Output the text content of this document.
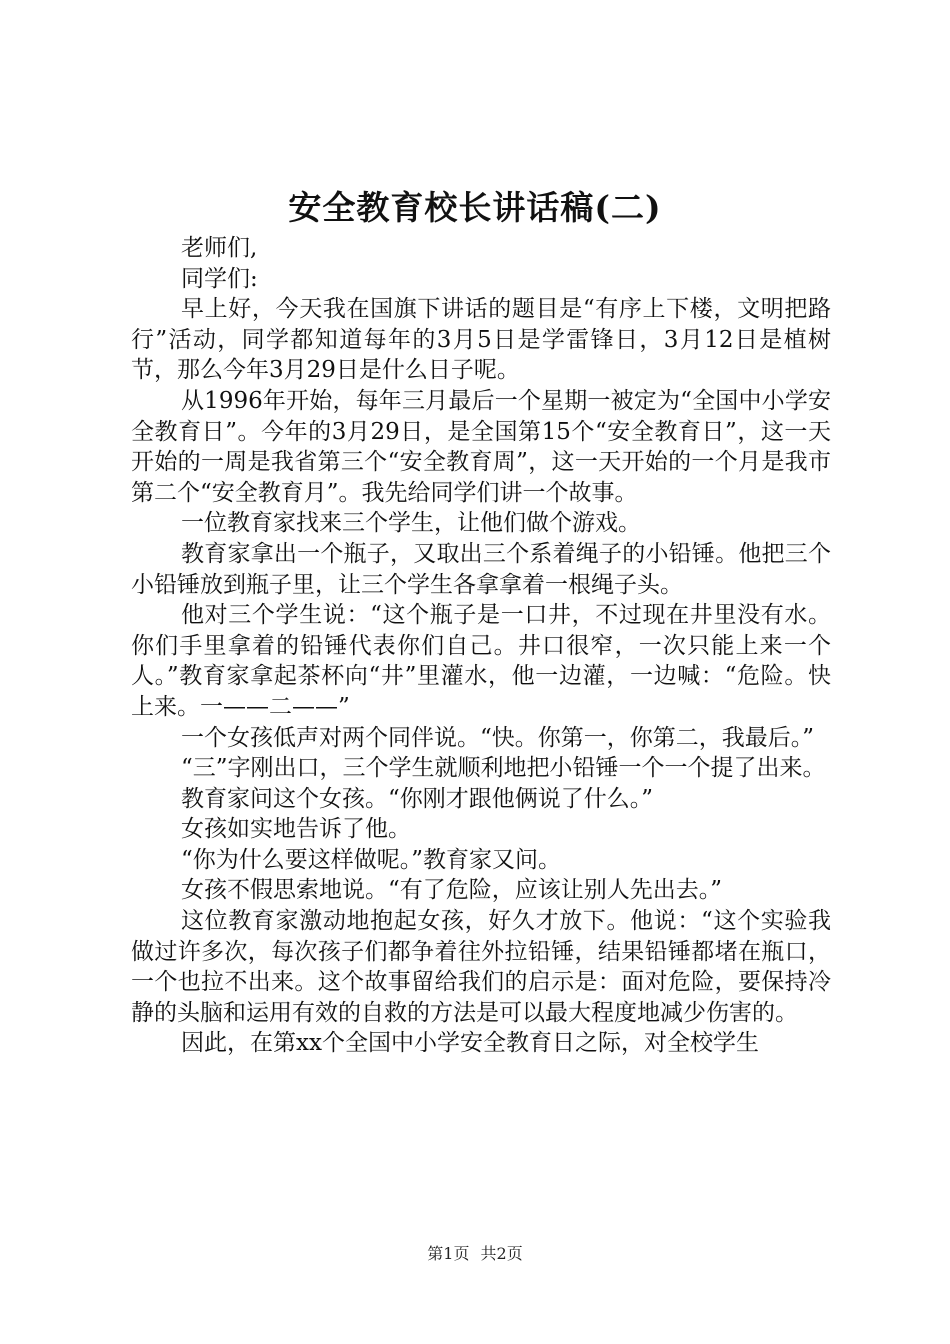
安全教育校长讲话稿(二)

老师们,

同学们:

早上好，今天我在国旗下讲话的题目是“有序上下楼，文明把路行”活动，同学都知道每年的3月5日是学雷锋日，3月12日是植树节，那么今年3月29日是什么日子呢。

从1996年开始，每年三月最后一个星期一被定为“全国中小学安全教育日”。今年的3月29日，是全国第15个“安全教育日”，这一天开始的一周是我省第三个“安全教育周”，这一天开始的一个月是我市第二个“安全教育月”。我先给同学们讲一个故事。

一位教育家找来三个学生，让他们做个游戏。

教育家拿出一个瓶子，又取出三个系着绳子的小铅锤。他把三个小铅锤放到瓶子里，让三个学生各拿拿着一根绳子头。

他对三个学生说：“这个瓶子是一口井，不过现在井里没有水。你们手里拿着的铅锤代表你们自己。井口很窄，一次只能上来一个人。”教育家拿起茶杯向“井”里灌水，他一边灌，一边喊：“危险。快上来。一——二——”

一个女孩低声对两个同伴说。“快。你第一，你第二，我最后。”

“三”字刚出口，三个学生就顺利地把小铅锤一个一个提了出来。

教育家问这个女孩。“你刚才跟他俩说了什么。”

女孩如实地告诉了他。

“你为什么要这样做呢。”教育家又问。

女孩不假思索地说。“有了危险，应该让别人先出去。”

这位教育家激动地抱起女孩，好久才放下。他说：“这个实验我做过许多次，每次孩子们都争着往外拉铅锤，结果铅锤都堵在瓶口，一个也拉不出来。这个故事留给我们的启示是：面对危险，要保持冷静的头脑和运用有效的自救的方法是可以最大程度地减少伤害的。

因此，在第xx个全国中小学安全教育日之际，对全校学生

第1页 共2页
